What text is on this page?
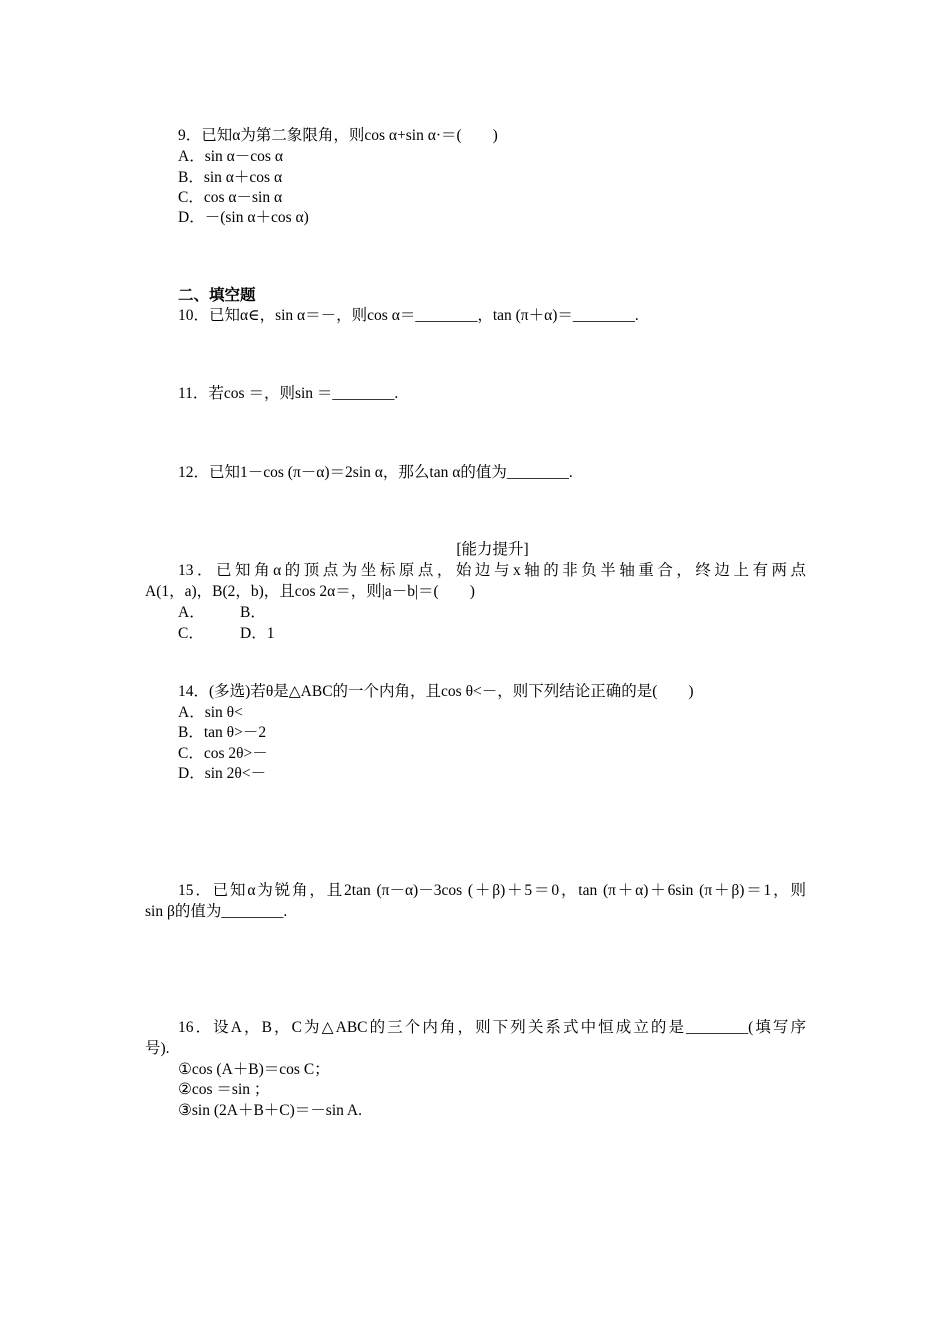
9．已知α为第二象限角，则cos α+sin α·＝(　　)
A．sin α－cos α
B．sin α＋cos α
C．cos α－sin α
D．－(sin α＋cos α)
二、填空题
10．已知α∈，sin α＝－，则cos α＝________，tan (π＋α)＝________.
11．若cos ＝，则sin ＝________.
12．已知1－cos (π－α)＝2sin α，那么tan α的值为________.
[能力提升]
13．已知角α的顶点为坐标原点，始边与x轴的非负半轴重合，终边上有两点
A(1，a)，B(2，b)，且cos 2α＝，则|a－b|＝(　　)
A． B．
C． D．1
14．(多选)若θ是△ABC的一个内角，且cos θ<－，则下列结论正确的是(　　)
A．sin θ<
B．tan θ>－2
C．cos 2θ>－
D．sin 2θ<－
15．已知α为锐角，且2tan (π－α)－3cos (＋β)＋5＝0，tan (π＋α)＋6sin (π＋β)＝1，则
sin β的值为________.
16．设A，B，C为△ABC的三个内角，则下列关系式中恒成立的是________(填写序
号).
①cos (A＋B)＝cos C；
②cos ＝sin ；
③sin (2A＋B＋C)＝－sin A.
